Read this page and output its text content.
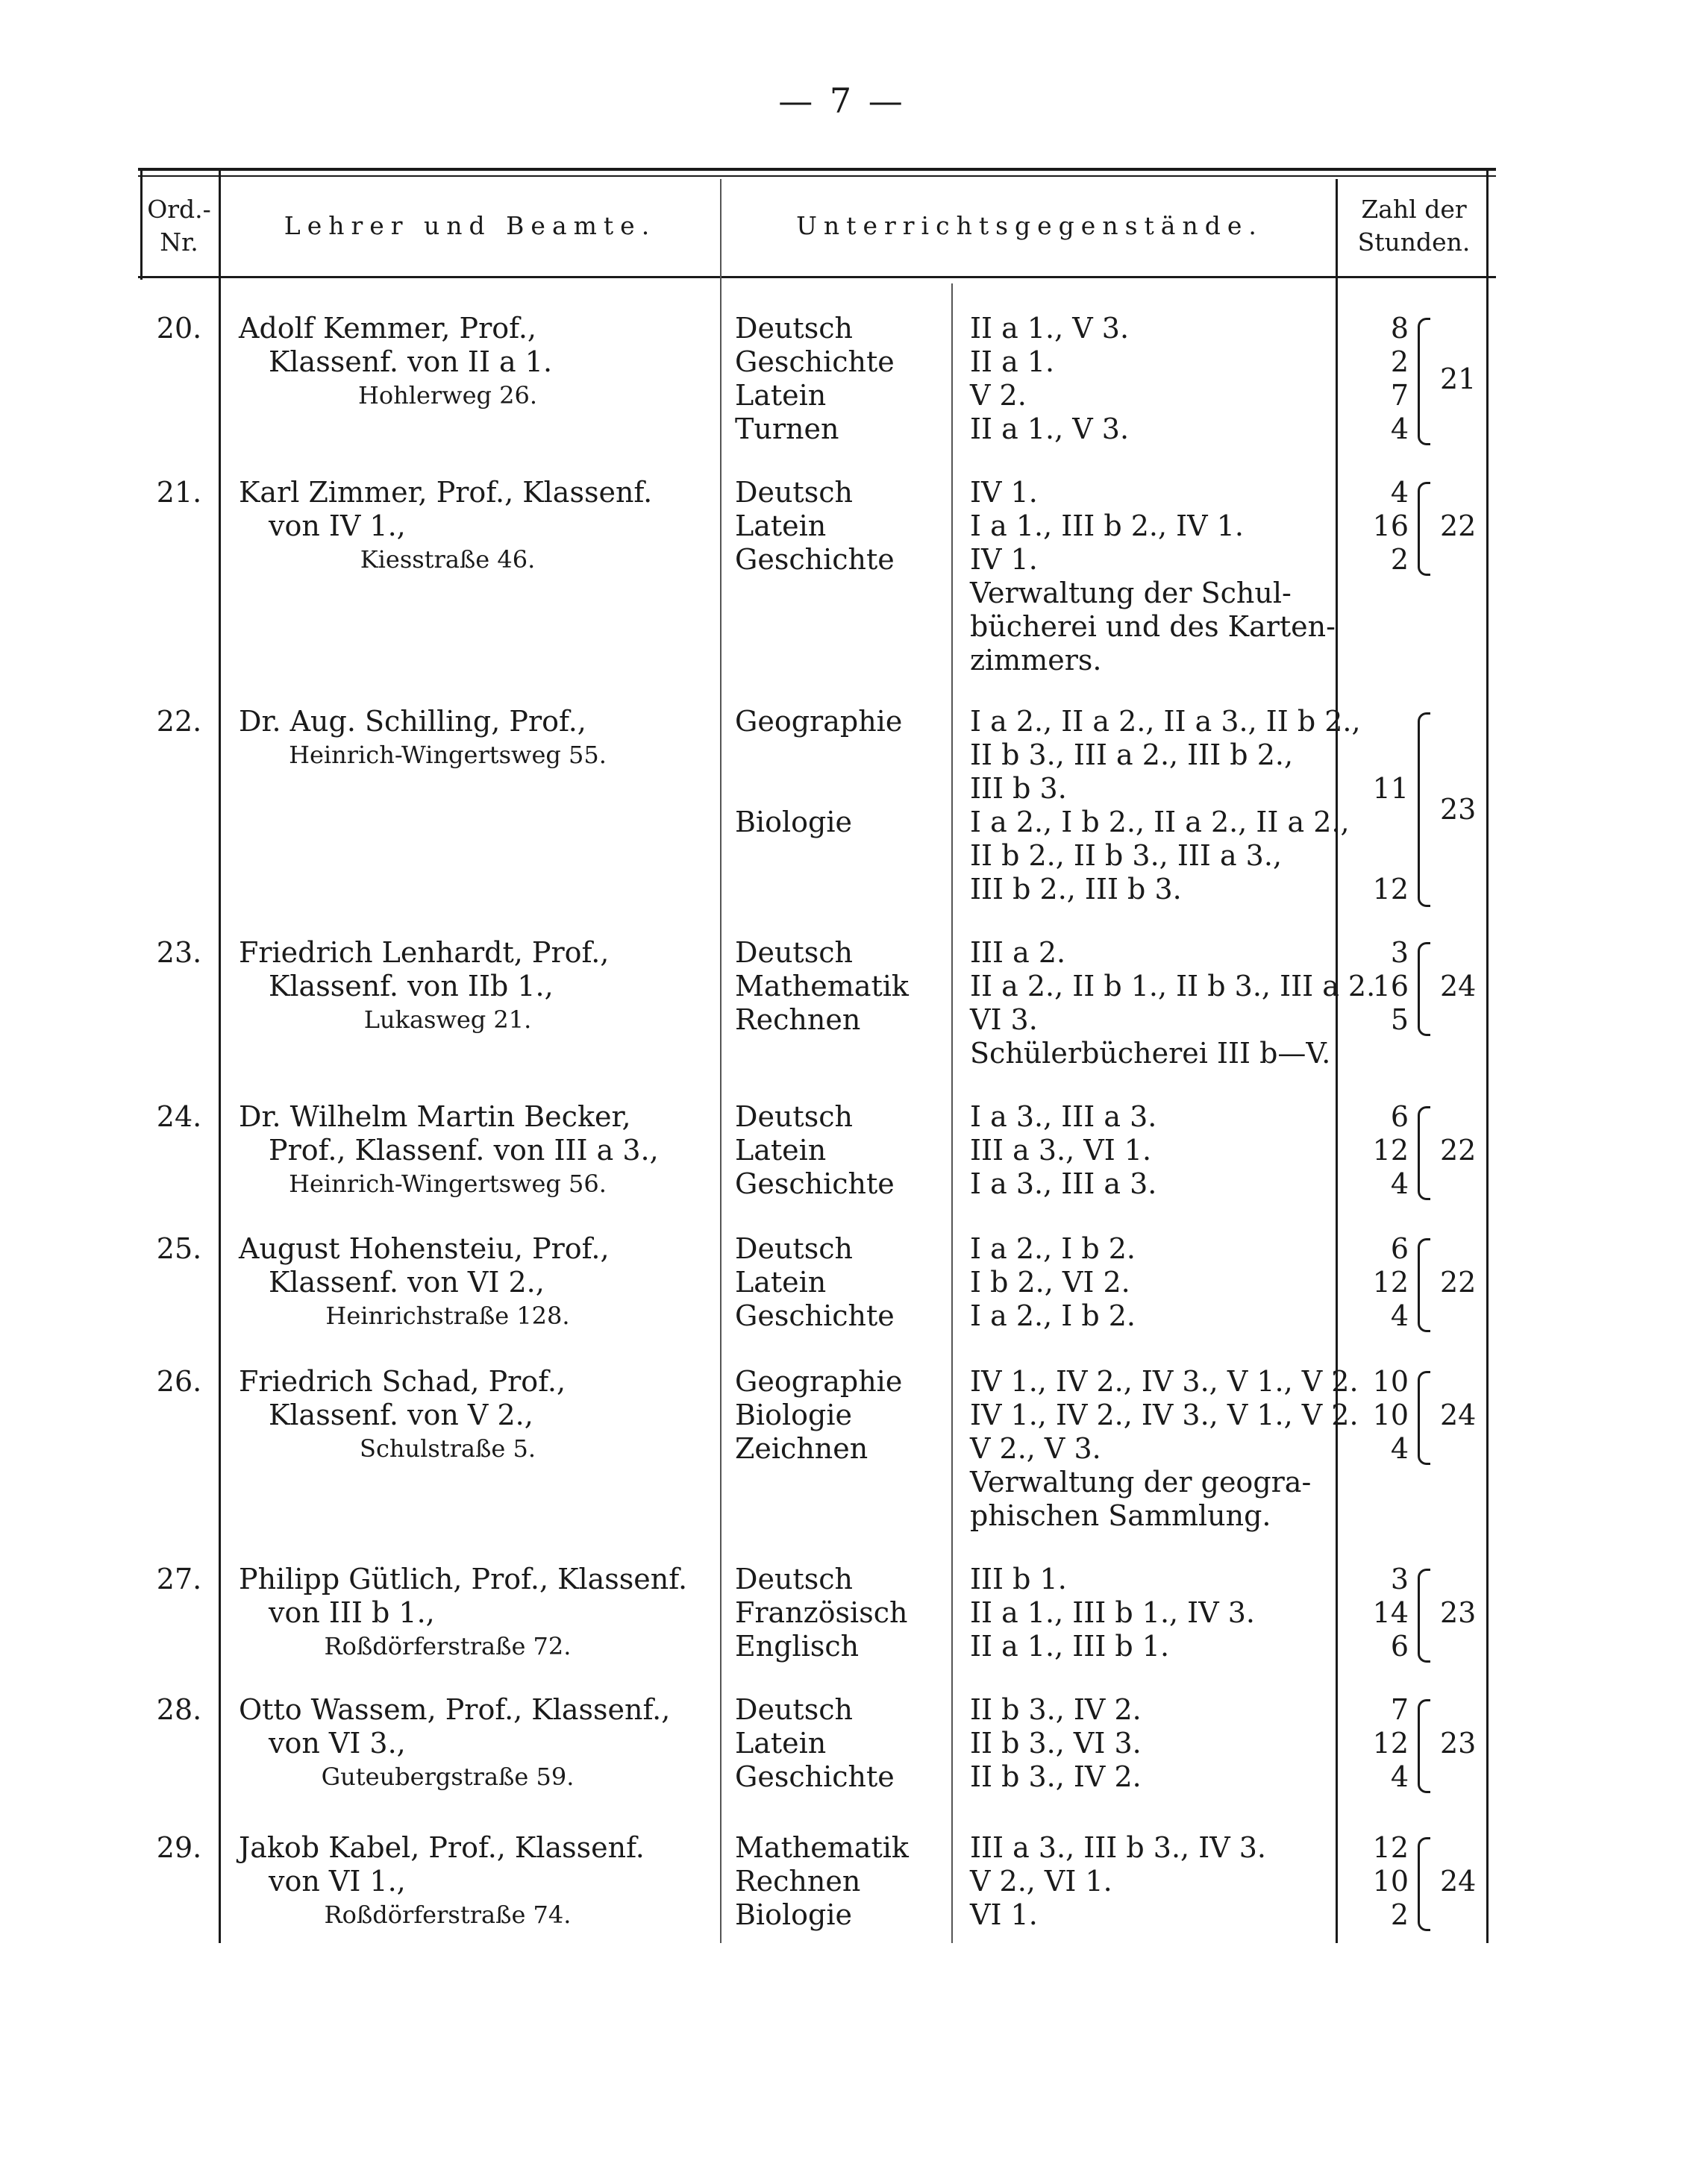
— 7 —
Ord.-
Nr.
Lehrer und Beamte.	Unterrichtsgegenstände.
Zahl der
Stunden.
20. Adolf Kemmer, Prof.,
Klassenf. von II a 1.
Hohlerweg 26.
Deutsch
Geschichte
Latein
Turnen
II a 1., V 3.
II a 1.
V 2.
II a 1., V 3.
8
2
7
4
21
21. Karl Zimmer, Prof., Klassenf.
von IV 1.,
Kiesstraße 46.
Deutsch
Latein
Geschichte
IV 1.
I a 1., III b 2., IV 1.
IV 1.
Verwaltung der Schul-
bücherei und des Karten-
zimmers.
4
16
2
22
22. Dr. Aug. Schilling, Prof.,
Heinrich-Wingertsweg 55.
Geographie

Biologie
I a 2., II a 2., II a 3., II b 2.,
II b 3., III a 2., III b 2.,
III b 3.
I a 2., I b 2., II a 2., II a 2.,
II b 2., II b 3., III a 3.,
III b 2., III b 3.

11

12
23
23. Friedrich Lenhardt, Prof.,
Klassenf. von IIb 1.,
Lukasweg 21.
Deutsch
Mathematik
Rechnen
III a 2.
II a 2., II b 1., II b 3., III a 2.
VI 3.
Schülerbücherei III b—V.
3
16
5
24
24. Dr. Wilhelm Martin Becker,
Prof., Klassenf. von III a 3.,
Heinrich-Wingertsweg 56.
Deutsch
Latein
Geschichte
I a 3., III a 3.
III a 3., VI 1.
I a 3., III a 3.
6
12
4
22
25. August Hohensteiu, Prof.,
Klassenf. von VI 2.,
Heinrichstraße 128.
Deutsch
Latein
Geschichte
I a 2., I b 2.
I b 2., VI 2.
I a 2., I b 2.
6
12
4
22
26. Friedrich Schad, Prof.,
Klassenf. von V 2.,
Schulstraße 5.
Geographie
Biologie
Zeichnen
IV 1., IV 2., IV 3., V 1., V 2.
IV 1., IV 2., IV 3., V 1., V 2.
V 2., V 3.
Verwaltung der geogra-
phischen Sammlung.
10
10
4
24
27. Philipp Gütlich, Prof., Klassenf.
von III b 1.,
Roßdörferstraße 72.
Deutsch
Französisch
Englisch
III b 1.
II a 1., III b 1., IV 3.
II a 1., III b 1.
3
14
6
23
28. Otto Wassem, Prof., Klassenf.,
von VI 3.,
Guteubergstraße 59.
Deutsch
Latein
Geschichte
II b 3., IV 2.
II b 3., VI 3.
II b 3., IV 2.
7
12
4
23
29. Jakob Kabel, Prof., Klassenf.
von VI 1.,
Roßdörferstraße 74.
Mathematik
Rechnen
Biologie
III a 3., III b 3., IV 3.
V 2., VI 1.
VI 1.
12
10
2
24
